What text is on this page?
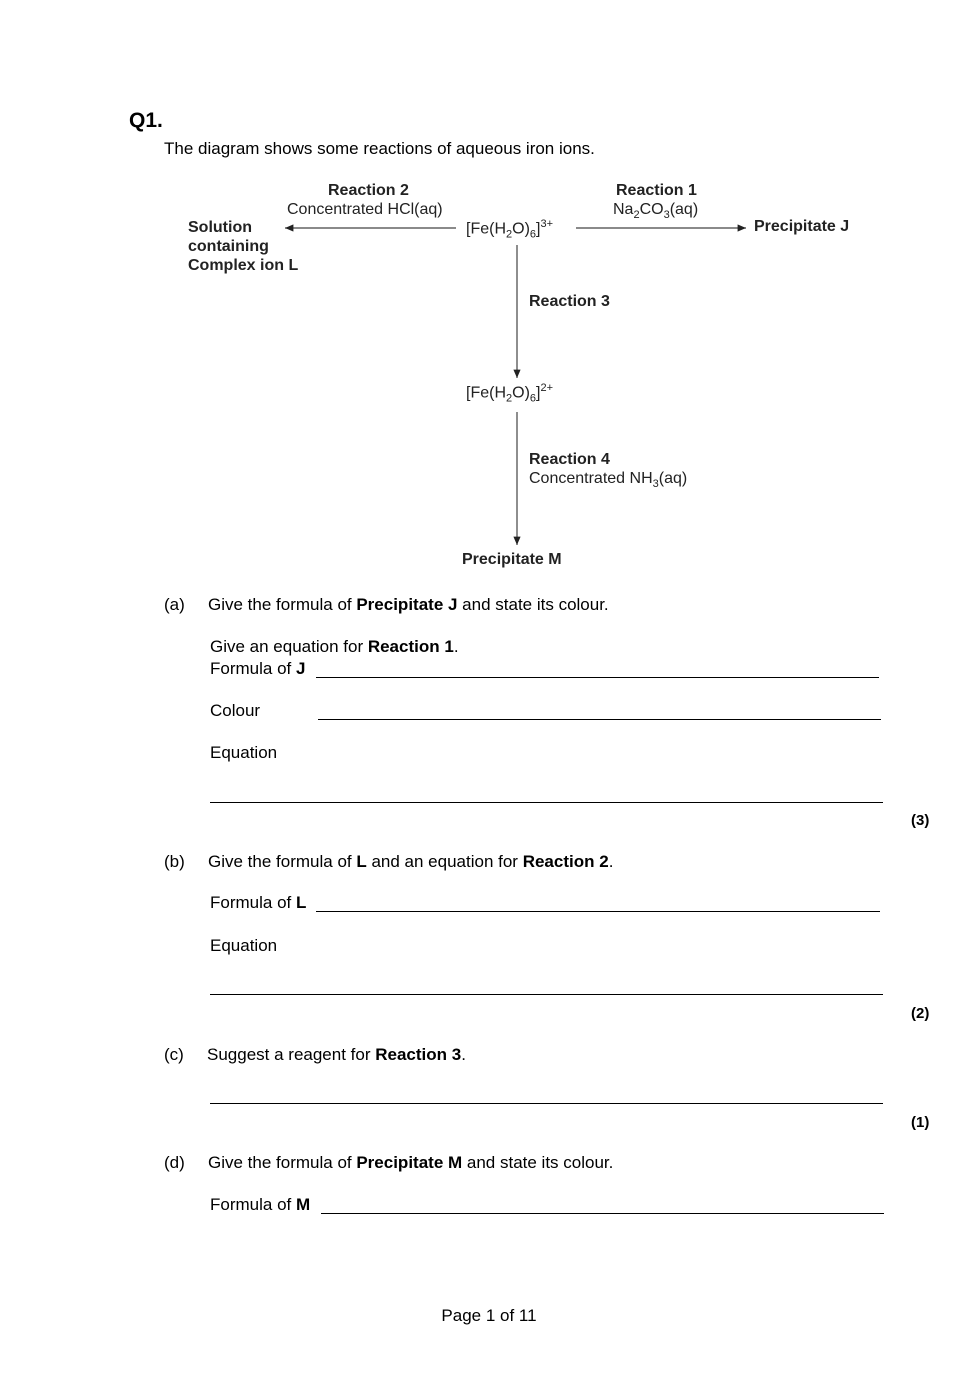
Q1.
The diagram shows some reactions of aqueous iron ions.
Reaction 2
Concentrated HCl(aq)
Reaction 1
$Na_2CO_3(aq)$
$[Fe(H_2O)_6]^{3+}$
Solution
containing
Complex ion L
Precipitate J
Reaction 3
$[Fe(H_2O)_6]^{2+}$
Reaction 4
Concentrated $NH_3(aq)$
Precipitate M
(a) Give the formula of Precipitate J and state its colour.
Give an equation for Reaction 1.
Formula of J
Colour
Equation
(3)
(b) Give the formula of L and an equation for Reaction 2.
Formula of L
Equation
(2)
(c) Suggest a reagent for Reaction 3.
(1)
(d) Give the formula of Precipitate M and state its colour.
Formula of M
Page 1 of 11
